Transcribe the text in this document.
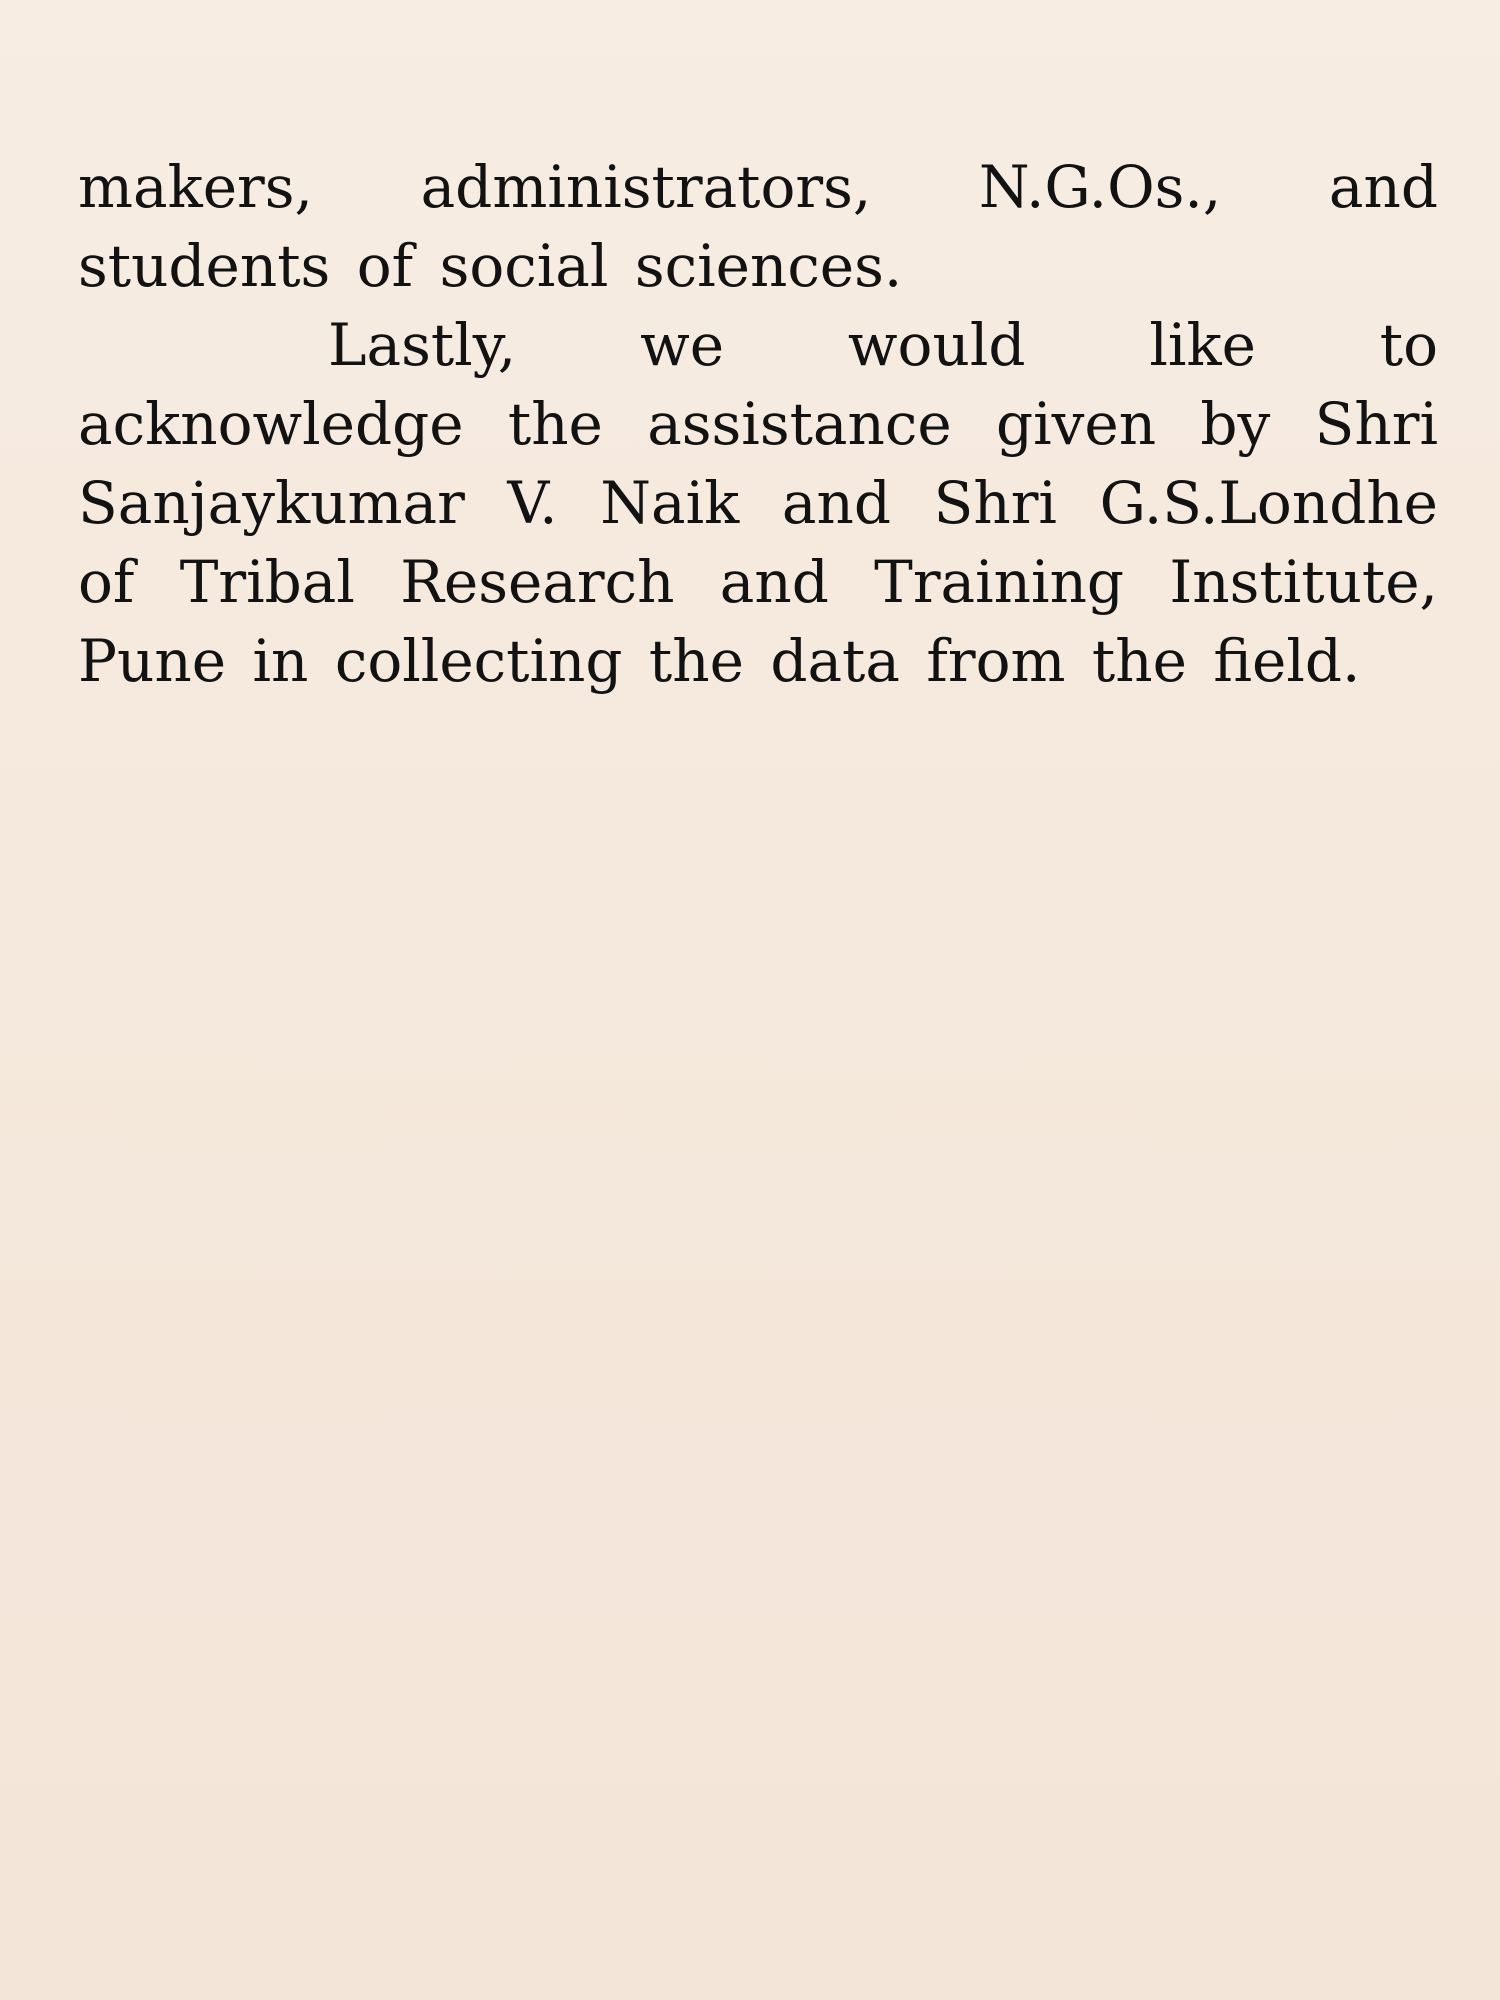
makers, administrators, N.G.Os., and students of social sciences.

Lastly, we would like to acknowledge the assistance given by Shri Sanjaykumar V. Naik and Shri G.S.Londhe of Tribal Research and Training Institute, Pune in collecting the data from the field.
